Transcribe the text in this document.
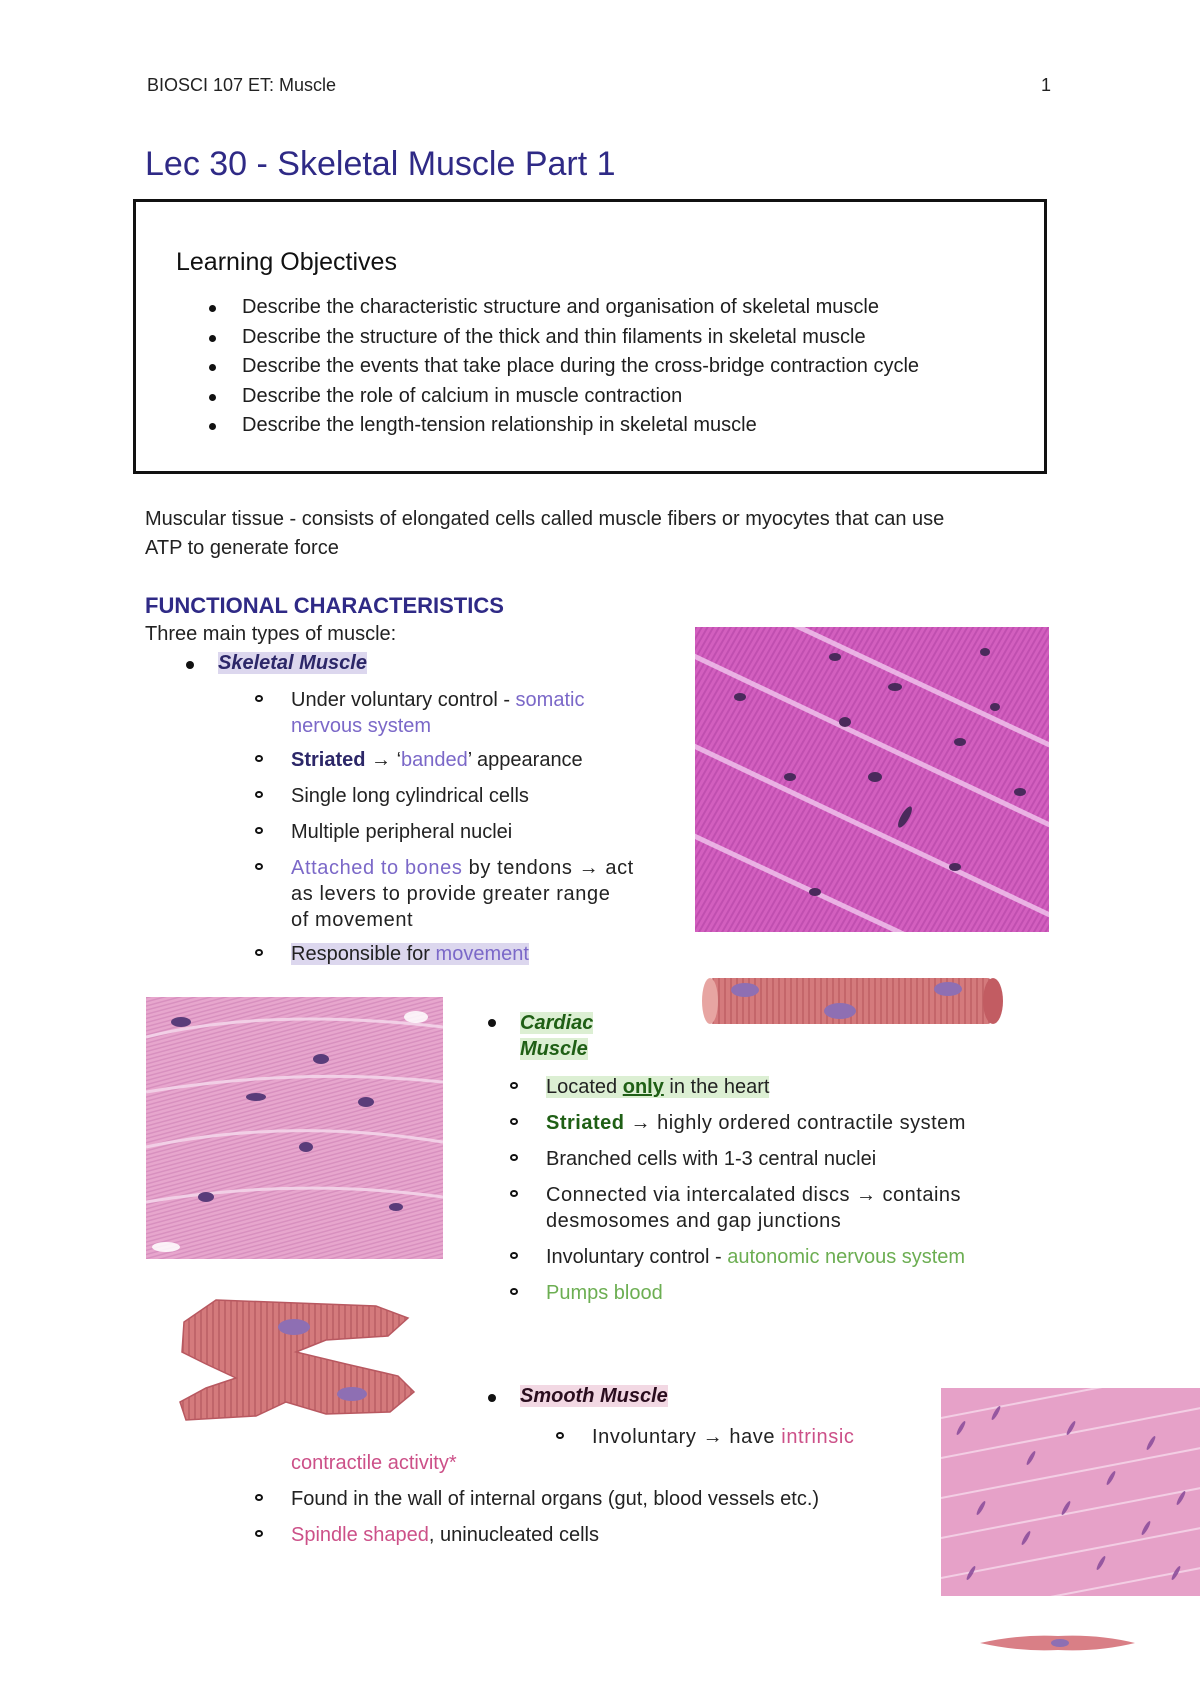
BIOSCI 107 ET: Muscle	1
Lec 30 - Skeletal Muscle Part 1
Learning Objectives
Describe the characteristic structure and organisation of skeletal muscle
Describe the structure of the thick and thin filaments in skeletal muscle
Describe the events that take place during the cross-bridge contraction cycle
Describe the role of calcium in muscle contraction
Describe the length-tension relationship in skeletal muscle
Muscular tissue - consists of elongated cells called muscle fibers or myocytes that can use
ATP to generate force
FUNCTIONAL CHARACTERISTICS
Three main types of muscle:
Skeletal Muscle
Under voluntary control - somatic
nervous system
Striated → ‘banded’ appearance
Single long cylindrical cells
Multiple peripheral nuclei
Attached to bones by tendons → act
as levers to provide greater range
of movement
Responsible for movement
Cardiac
Muscle
Located only in the heart
Striated → highly ordered contractile system
Branched cells with 1-3 central nuclei
Connected via intercalated discs → contains
desmosomes and gap junctions
Involuntary control - autonomic nervous system
Pumps blood
Smooth Muscle
Involuntary → have intrinsic
contractile activity*
Found in the wall of internal organs (gut, blood vessels etc.)
Spindle shaped, uninucleated cells
